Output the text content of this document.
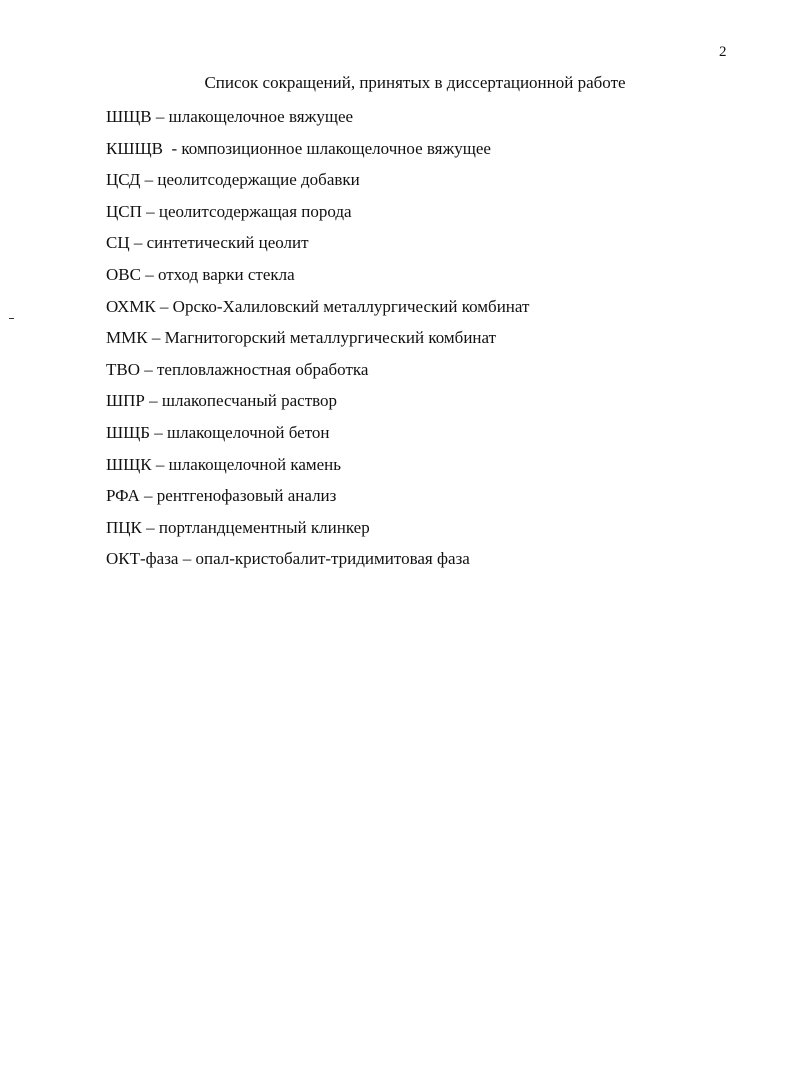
2
Список сокращений, принятых в диссертационной работе
ШЩВ – шлакощелочное вяжущее
КШЩВ  - композиционное шлакощелочное вяжущее
ЦСД – цеолитсодержащие добавки
ЦСП – цеолитсодержащая порода
СЦ – синтетический цеолит
ОВС – отход варки стекла
ОХМК – Орско-Халиловский металлургический комбинат
ММК – Магнитогорский металлургический комбинат
ТВО – тепловлажностная обработка
ШПР – шлакопесчаный раствор
ШЩБ – шлакощелочной бетон
ШЩК – шлакощелочной камень
РФА – рентгенофазовый анализ
ПЦК – портландцементный клинкер
ОКТ-фаза – опал-кристобалит-тридимитовая фаза
